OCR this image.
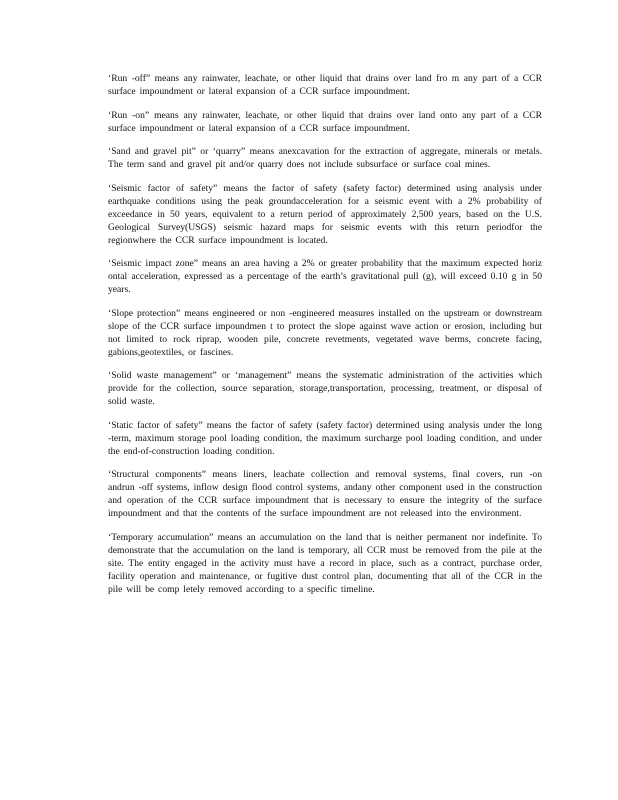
‘Run -off” means any rainwater, leachate, or other liquid that drains over land fro m any part of a CCR surface impoundment or lateral expansion of a CCR surface impoundment.

‘Run -on” means any rainwater, leachate, or other liquid that drains over land onto any part of a CCR surface impoundment or lateral expansion of a CCR surface impoundment.

‘Sand and gravel pit” or ‘quarry” means anexcavation for the extraction of aggregate, minerals or metals. The term sand and gravel pit and/or quarry does not include subsurface or surface coal mines.

‘Seismic factor of safety” means the factor of safety (safety factor) determined using analysis under earthquake conditions using the peak groundacceleration for a seismic event with a 2% probability of exceedance in 50 years, equivalent to a return period of approximately 2,500 years, based on the U.S. Geological Survey(USGS) seismic hazard maps for seismic events with this return periodfor the regionwhere the CCR surface impoundment is located.

‘Seismic impact zone” means an area having a 2% or greater probability that the maximum expected horiz ontal acceleration, expressed as a percentage of the earth’s gravitational pull (g), will exceed 0.10 g in 50 years.

‘Slope protection” means engineered or non -engineered measures installed on the upstream or downstream slope of the CCR surface impoundmen t to protect the slope against wave action or erosion, including but not limited to rock riprap, wooden pile, concrete revetments, vegetated wave berms, concrete facing, gabions,geotextiles, or fascines.

‘Solid waste management” or ‘management” means the systematic administration of the activities which provide for the collection, source separation, storage,transportation, processing, treatment, or disposal of solid waste.

‘Static factor of safety” means the factor of safety (safety factor) determined using analysis under the long -term, maximum storage pool loading condition, the maximum surcharge pool loading condition, and under the end-of-construction loading condition.

‘Structural components” means liners, leachate collection and removal systems, final covers, run -on andrun -off systems, inflow design flood control systems, andany other component used in the construction and operation of the CCR surface impoundment that is necessary to ensure the integrity of the surface impoundment and that the contents of the surface impoundment are not released into the environment.

‘Temporary accumulation” means an accumulation on the land that is neither permanent nor indefinite. To demonstrate that the accumulation on the land is temporary, all CCR must be removed from the pile at the site. The entity engaged in the activity must have a record in place, such as a contract, purchase order, facility operation and maintenance, or fugitive dust control plan, documenting that all of the CCR in the pile will be comp letely removed according to a specific timeline.
